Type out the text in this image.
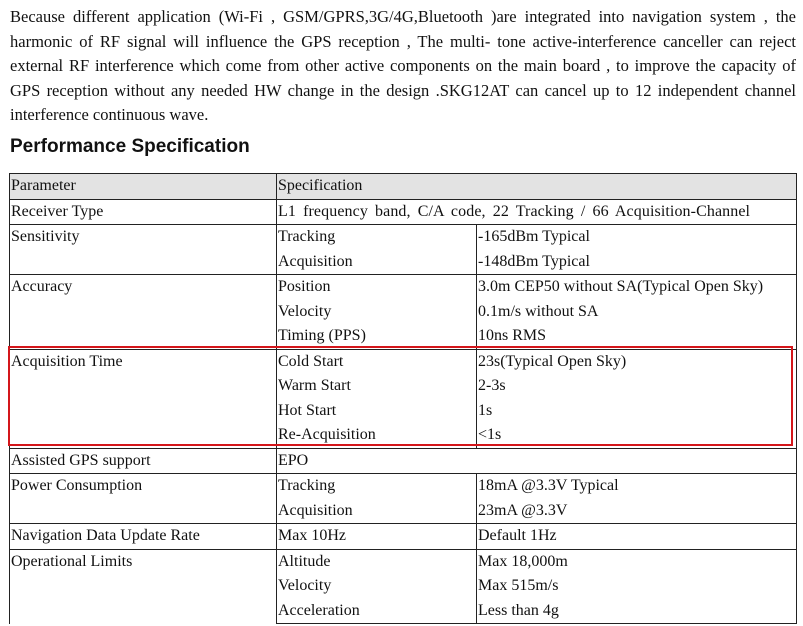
Because different application (Wi-Fi , GSM/GPRS,3G/4G,Bluetooth )are integrated into navigation system , the harmonic of RF signal will influence the GPS reception , The multi- tone active-interference canceller can reject external RF interference which come from other active components on the main board , to improve the capacity of GPS reception without any needed HW change in the design .SKG12AT can cancel up to 12 independent channel interference continuous wave.
Performance Specification
Parameter	Specification	
Receiver Type	L1 frequency band, C/A code, 22 Tracking / 66 Acquisition-Channel	
Sensitivity	Tracking	-165dBm Typical
	Acquisition	-148dBm Typical
Accuracy	Position	3.0m CEP50 without SA(Typical Open Sky)
	Velocity	0.1m/s without SA
	Timing (PPS)	10ns RMS
Acquisition Time	Cold Start	23s(Typical Open Sky)
	Warm Start	2-3s
	Hot Start	1s
	Re-Acquisition	<1s
Assisted GPS support	EPO	
Power Consumption	Tracking	18mA @3.3V Typical
	Acquisition	23mA @3.3V
Navigation Data Update Rate	Max 10Hz	Default 1Hz
Operational Limits	Altitude	Max 18,000m
	Velocity	Max 515m/s
	Acceleration	Less than 4g
